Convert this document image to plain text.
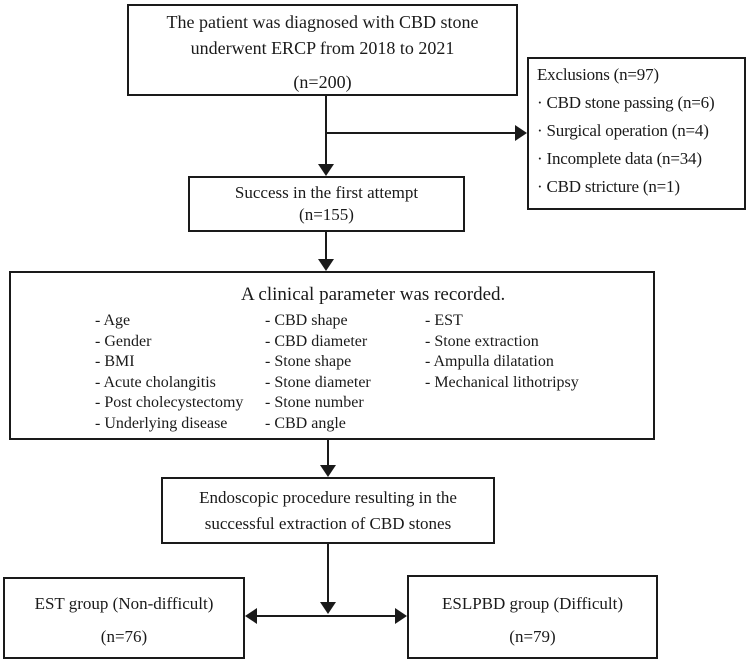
The patient was diagnosed with CBD stone
underwent ERCP from 2018 to 2021
(n=200)	Exclusions (n=97)
· CBD stone passing (n=6)
· Surgical operation (n=4)
· Incomplete data (n=34)
· CBD stricture (n=1)
Success in the first attempt
(n=155)
A clinical parameter was recorded.
- Age
- Gender
- BMI
- Acute cholangitis
- Post cholecystectomy
- Underlying disease
- CBD shape
- CBD diameter
- Stone shape
- Stone diameter
- Stone number
- CBD angle
- EST
- Stone extraction
- Ampulla dilatation
- Mechanical lithotripsy
Endoscopic procedure resulting in the
successful extraction of CBD stones
EST group (Non-difficult)
(n=76)
ESLPBD group (Difficult)
(n=79)
